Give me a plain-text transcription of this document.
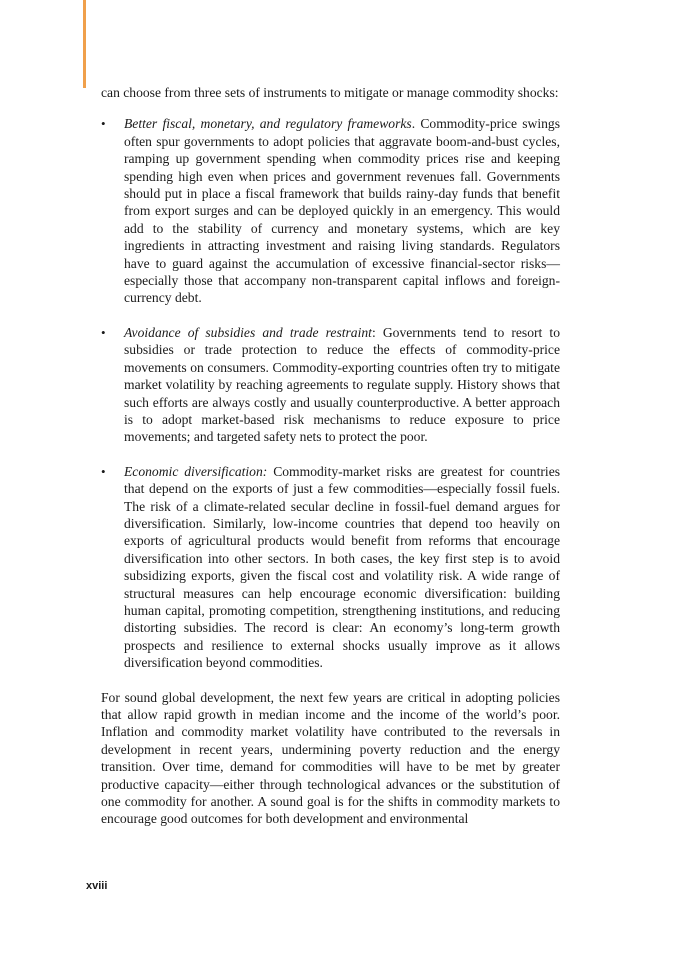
can choose from three sets of instruments to mitigate or manage commodity shocks:

• Better fiscal, monetary, and regulatory frameworks. Commodity-price swings often spur governments to adopt policies that aggravate boom-and-bust cycles, ramping up government spending when commodity prices rise and keeping spending high even when prices and government revenues fall. Governments should put in place a fiscal framework that builds rainy-day funds that benefit from export surges and can be deployed quickly in an emergency. This would add to the stability of currency and monetary systems, which are key ingredients in attracting investment and raising living standards. Regulators have to guard against the accumulation of excessive financial-sector risks—especially those that accompany non-transparent capital inflows and foreign-currency debt.
• Avoidance of subsidies and trade restraint: Governments tend to resort to subsidies or trade protection to reduce the effects of commodity-price movements on consumers. Commodity-exporting countries often try to mitigate market volatility by reaching agreements to regulate supply. History shows that such efforts are always costly and usually counterproductive. A better approach is to adopt market-based risk mechanisms to reduce exposure to price movements; and targeted safety nets to protect the poor.
• Economic diversification: Commodity-market risks are greatest for countries that depend on the exports of just a few commodities—especially fossil fuels. The risk of a climate-related secular decline in fossil-fuel demand argues for diversification. Similarly, low-income countries that depend too heavily on exports of agricultural products would benefit from reforms that encourage diversification into other sectors. In both cases, the key first step is to avoid subsidizing exports, given the fiscal cost and volatility risk. A wide range of structural measures can help encourage economic diversification: building human capital, promoting competition, strengthening institutions, and reducing distorting subsidies. The record is clear: An economy’s long-term growth prospects and resilience to external shocks usually improve as it allows diversification beyond commodities.

For sound global development, the next few years are critical in adopting policies that allow rapid growth in median income and the income of the world’s poor. Inflation and commodity market volatility have contributed to the reversals in development in recent years, undermining poverty reduction and the energy transition. Over time, demand for commodities will have to be met by greater productive capacity—either through technological advances or the substitution of one commodity for another. A sound goal is for the shifts in commodity markets to encourage good outcomes for both development and environmental

xviii
